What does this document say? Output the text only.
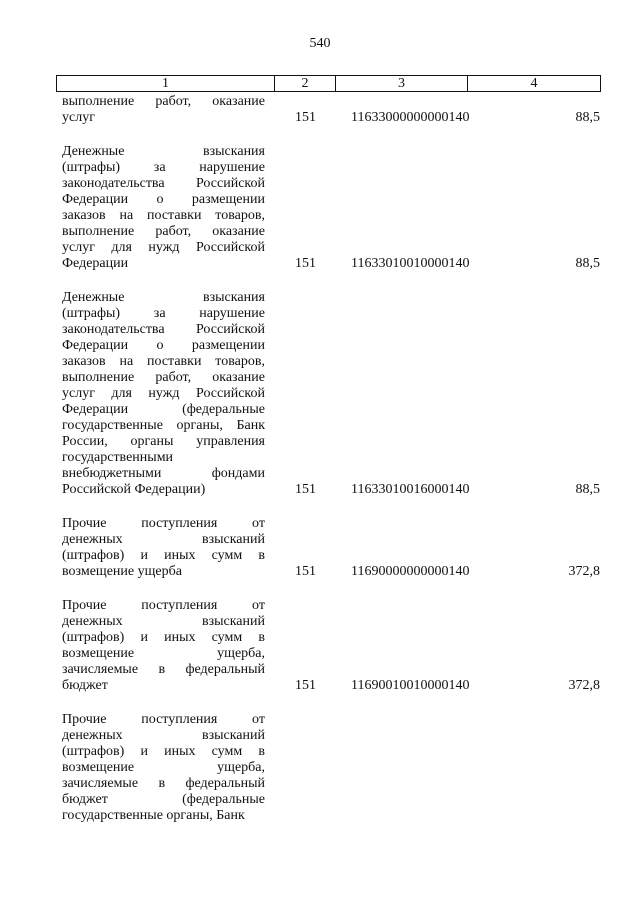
540
1	2	3	4
выполнение работ, оказание
услуг	151	11633000000000140	88,5
Денежные взыскания
(штрафы) за нарушение
законодательства Российской
Федерации о размещении
заказов на поставки товаров,
выполнение работ, оказание
услуг для нужд Российской
Федерации	151	11633010010000140	88,5
Денежные взыскания
(штрафы) за нарушение
законодательства Российской
Федерации о размещении
заказов на поставки товаров,
выполнение работ, оказание
услуг для нужд Российской
Федерации (федеральные
государственные органы, Банк
России, органы управления
государственными
внебюджетными фондами
Российской Федерации)	151	11633010016000140	88,5
Прочие поступления от
денежных взысканий
(штрафов) и иных сумм в
возмещение ущерба	151	11690000000000140	372,8
Прочие поступления от
денежных взысканий
(штрафов) и иных сумм в
возмещение ущерба,
зачисляемые в федеральный
бюджет	151	11690010010000140	372,8
Прочие поступления от
денежных взысканий
(штрафов) и иных сумм в
возмещение ущерба,
зачисляемые в федеральный
бюджет (федеральные
государственные органы, Банк
